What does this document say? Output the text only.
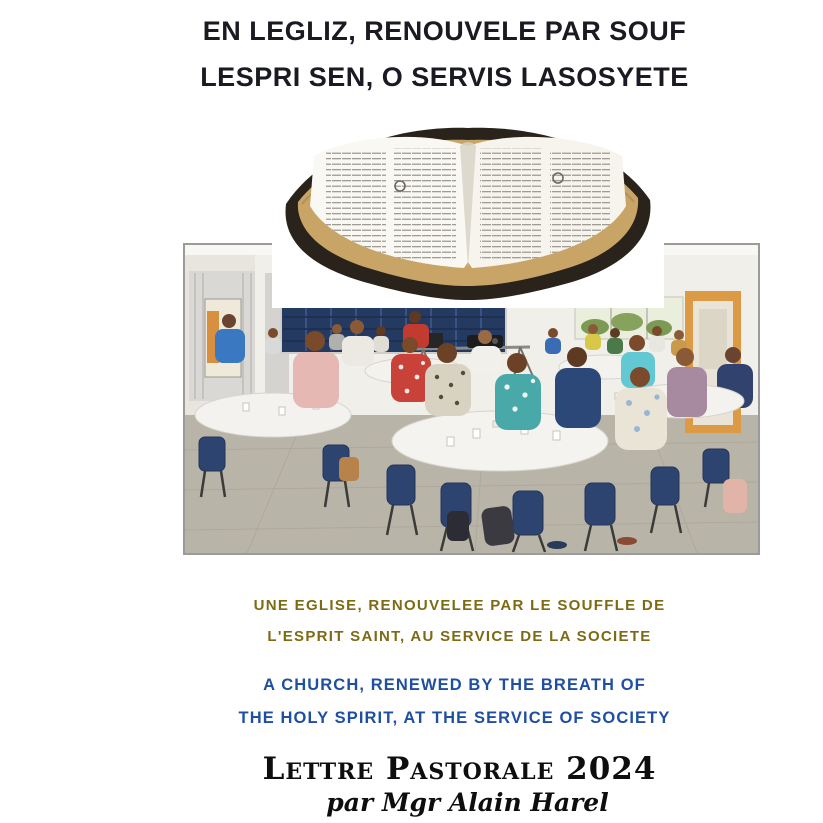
EN LEGLIZ, RENOUVELE PAR SOUF
LESPRI SEN, O SERVIS LASOSYETE
UNE EGLISE, RENOUVELEE PAR LE SOUFFLE DE
L'ESPRIT SAINT, AU SERVICE DE LA SOCIETE
A CHURCH, RENEWED BY THE BREATH OF
THE HOLY SPIRIT, AT THE SERVICE OF SOCIETY
Lettre Pastorale 2024
par Mgr Alain Harel
